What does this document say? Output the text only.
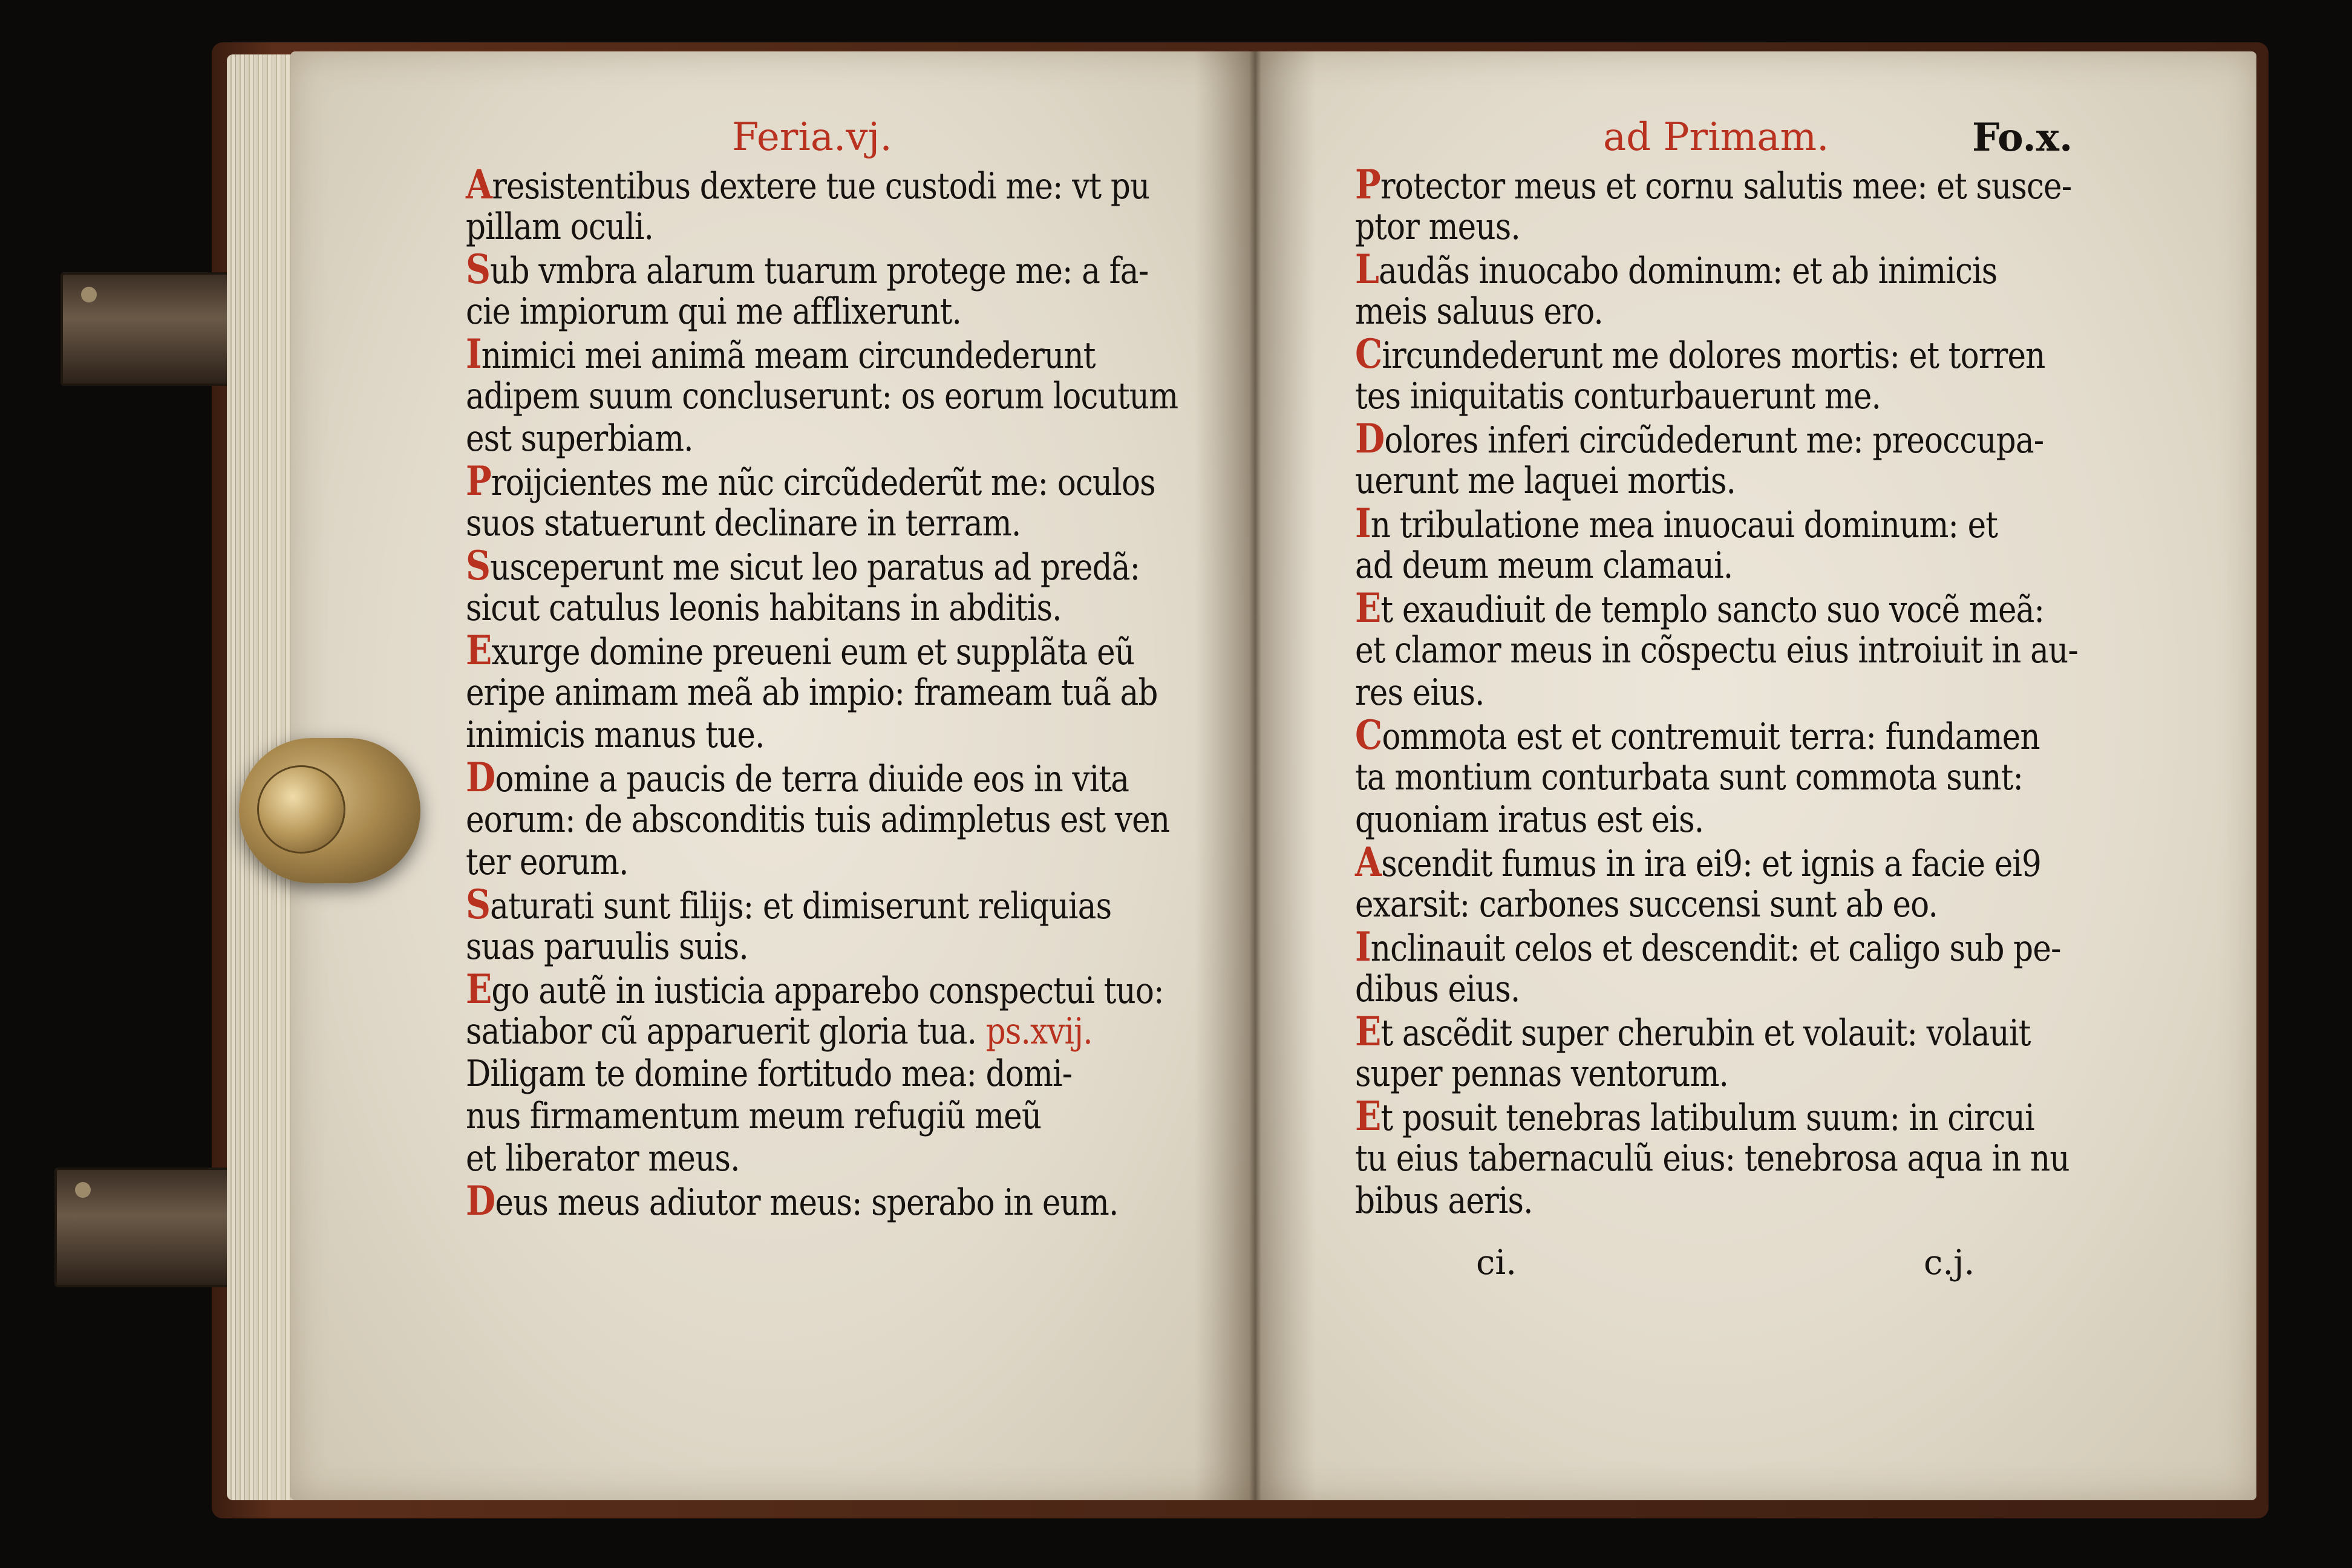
Feria.vj.
Aresistentibus dextere tue custodi me: vt pu
pillam oculi.
Sub vmbra alarum tuarum protege me: a fa-
cie impiorum qui me afflixerunt.
Inimici mei animã meam circundederunt
adipem suum concluserunt: os eorum locutum
est superbiam.
Proijcientes me nũc circũdederũt me: oculos
suos statuerunt declinare in terram.
Susceperunt me sicut leo paratus ad predã:
sicut catulus leonis habitans in abditis.
Exurge domine preueni eum et supplãta eũ
eripe animam meã ab impio: frameam tuã ab
inimicis manus tue.
Domine a paucis de terra diuide eos in vita
eorum: de absconditis tuis adimpletus est ven
ter eorum.
Saturati sunt filijs: et dimiserunt reliquias
suas paruulis suis.
Ego autẽ in iusticia apparebo conspectui tuo:
satiabor cũ apparuerit gloria tua. ps.xvij.
Diligam te domine fortitudo mea: domi-
nus firmamentum meum refugiũ meũ
et liberator meus.
Deus meus adiutor meus: sperabo in eum.
ad Primam.	Fo.x.
Protector meus et cornu salutis mee: et susce-
ptor meus.
Laudãs inuocabo dominum: et ab inimicis
meis saluus ero.
Circundederunt me dolores mortis: et torren
tes iniquitatis conturbauerunt me.
Dolores inferi circũdederunt me: preoccupa-
uerunt me laquei mortis.
In tribulatione mea inuocaui dominum: et
ad deum meum clamaui.
Et exaudiuit de templo sancto suo vocẽ meã:
et clamor meus in cõspectu eius introiuit in au-
res eius.
Commota est et contremuit terra: fundamen
ta montium conturbata sunt commota sunt:
quoniam iratus est eis.
Ascendit fumus in ira ei9: et ignis a facie ei9
exarsit: carbones succensi sunt ab eo.
Inclinauit celos et descendit: et caligo sub pe-
dibus eius.
Et ascẽdit super cherubin et volauit: volauit
super pennas ventorum.
Et posuit tenebras latibulum suum: in circui
tu eius tabernaculũ eius: tenebrosa aqua in nu
bibus aeris.
ci.	c.j.
